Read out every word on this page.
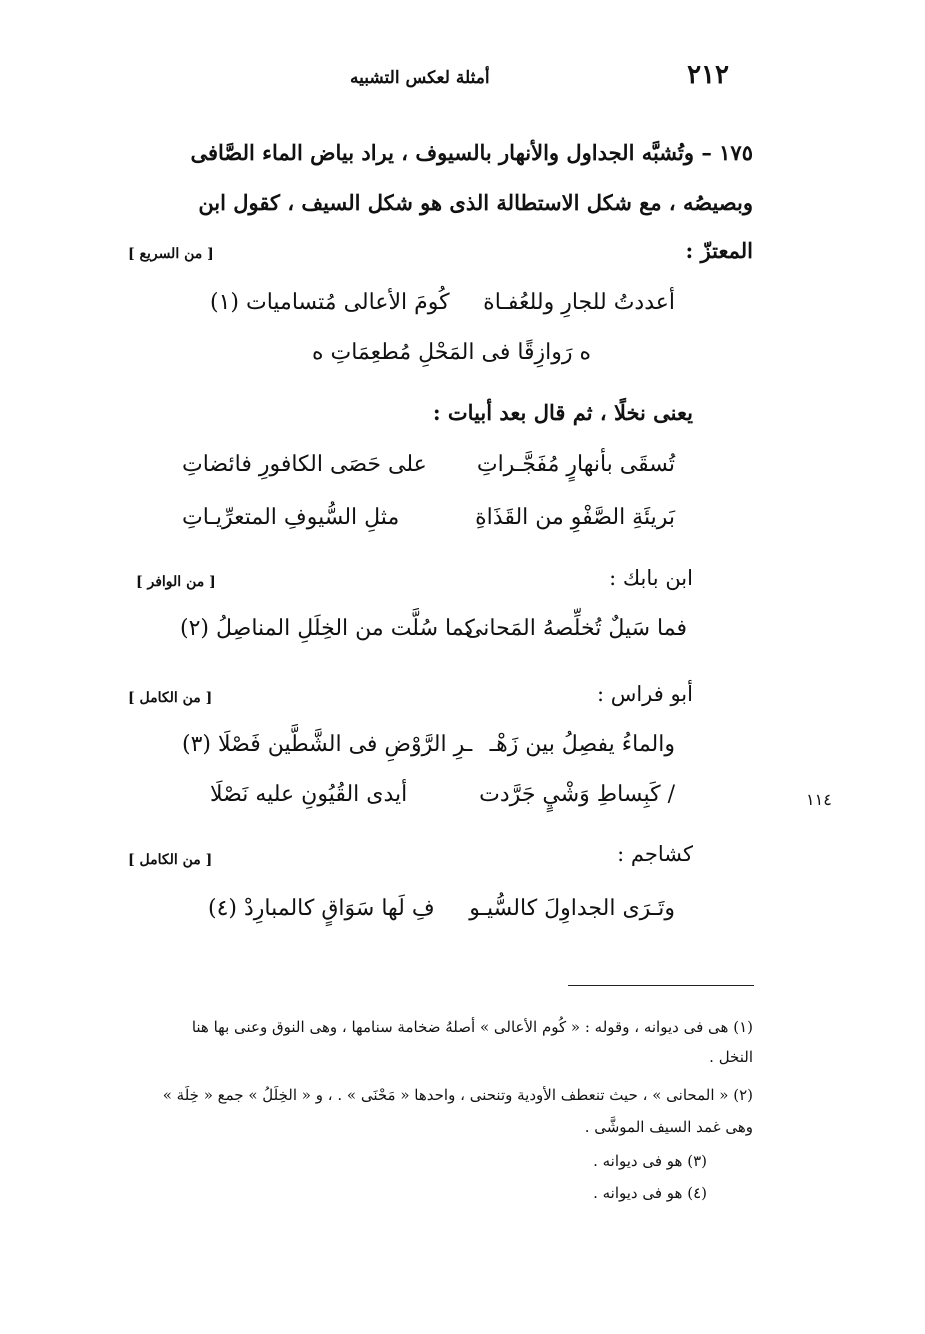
٢١٢
أمثلة لعكس التشبيه
١٧٥ – وتُشبَّه الجداول والأنهار بالسيوف ، يراد بياض الماء الصَّافى
وبصيصُه ، مع شكل الاستطالة الذى هو شكل السيف ، كقول ابن
المعتزّ :
[ من السريع ]
أعددتُ للجارِ وللعُفـاة
كُومَ الأعالى مُتساميات (١)
ه رَوازِقًا فى المَحْلِ مُطعِمَاتِ ه
يعنى نخلًا ، ثم قال بعد أبيات :
تُسقَى بأنهارٍ مُفَجَّـراتِ
على حَصَى الكافورِ فائضاتِ
بَريئَةِ الصَّفْوِ من القَذَاةِ
مثلِ السُّيوفِ المتعرِّيـاتِ
ابن بابك :
[ من الوافر ]
فما سَيلٌ تُخلِّصهُ المَحانى
كما سُلَّت من الخِلَلِ المناصِلُ (٢)
أبو فراس :
[ من الكامل ]
والماءُ يفصِلُ بين زَهْـ
ـرِ الرَّوْضِ فى الشَّطَّين فَصْلَا (٣)
/ كَبِساطِ وَشْيٍ جَرَّدت
أيدى القُيُونِ عليه نَصْلَا	١١٤
كشاجم :
[ من الكامل ]
وتَـرَى الجداوِلَ كالسُّيـو
فِ لَها سَوَاقٍ كالمبارِدْ (٤)
(١) هى فى ديوانه ، وقوله : « كُوم الأعالى » أصلهُ ضخامة سنامها ، وهى النوق وعنى بها هنا
النخل .
(٢) « المحانى » ، حيث تنعطف الأودية وتنحنى ، واحدها « مَحْنَى » . ، و « الخِلَلُ » جمع « خِلَة »
وهى غمد السيف الموشَّى .
(٣) هو فى ديوانه .
(٤) هو فى ديوانه .
